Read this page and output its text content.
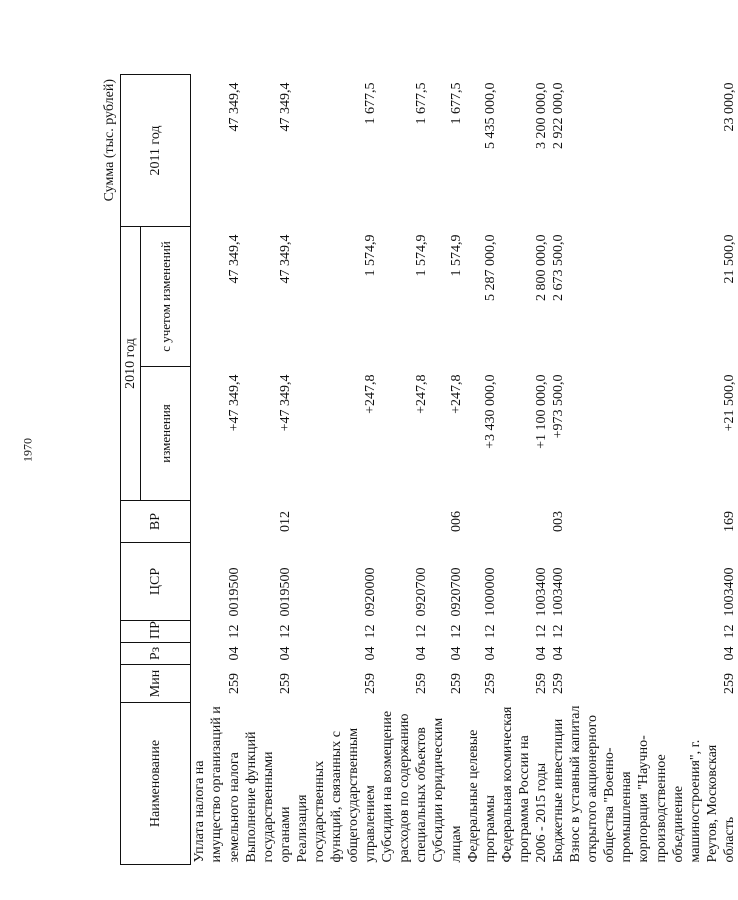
1970
Сумма (тыс. рублей)
Наименование	Мин	Рз	ПР	ЦСР	ВР	2010 год		2011 год
						изменения	с учетом изменений	
Уплата налога на имущество организаций и земельного налога	259	04	12	0019500		+47 349,4	47 349,4	47 349,4
Выполнение функций государственными органами	259	04	12	0019500	012	+47 349,4	47 349,4	47 349,4
Реализация государственных функций, связанных с общегосударственным управлением	259	04	12	0920000		+247,8	1 574,9	1 677,5
Субсидии на возмещение расходов по содержанию специальных объектов	259	04	12	0920700		+247,8	1 574,9	1 677,5
Субсидии юридическим лицам	259	04	12	0920700	006	+247,8	1 574,9	1 677,5
Федеральные целевые программы	259	04	12	1000000		+3 430 000,0	5 287 000,0	5 435 000,0
Федеральная космическая программа России на 2006 - 2015 годы	259	04	12	1003400		+1 100 000,0	2 800 000,0	3 200 000,0
Бюджетные инвестиции	259	04	12	1003400	003	+973 500,0	2 673 500,0	2 922 000,0
Взнос в уставный капитал открытого акционерного общества "Военно-промышленная корпорация "Научно-производственное объединение машиностроения", г. Реутов, Московская область	259	04	12	1003400	169	+21 500,0	21 500,0	23 000,0
